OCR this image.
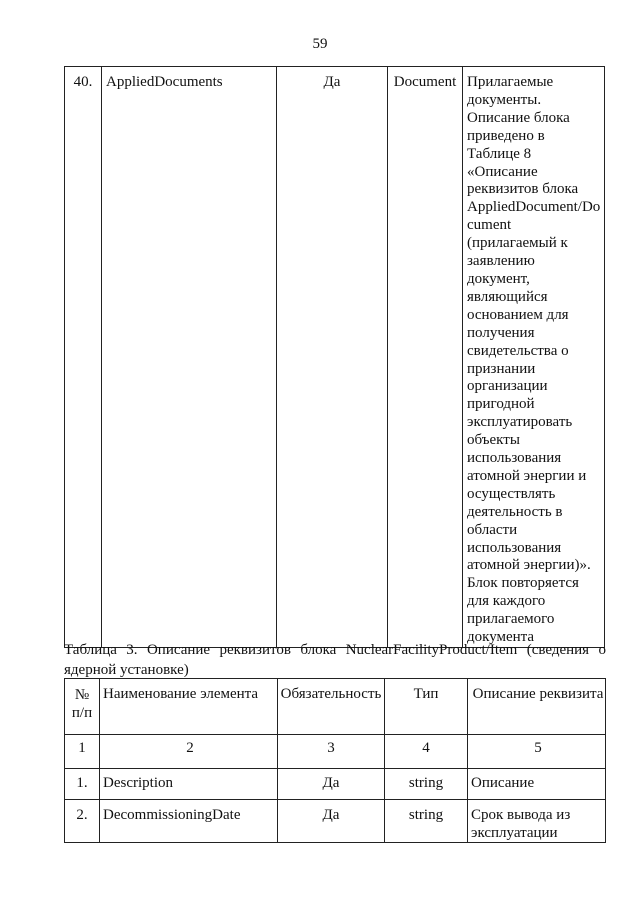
59
40.	AppliedDocuments	Да	Document	Прилагаемые
документы.
Описание блока
приведено в
Таблице 8
«Описание
реквизитов блока
AppliedDocument/Do
cument
(прилагаемый к
заявлению
документ,
являющийся
основанием для
получения
свидетельства о
признании
организации
пригодной
эксплуатировать
объекты
использования
атомной энергии и
осуществлять
деятельность в
области
использования
атомной энергии)».
Блок повторяется
для каждого
прилагаемого
документа
Таблица 3. Описание реквизитов блока NuclearFacilityProduct/Item (сведения о ядерной установке)
№
п/п	Наименование элемента	Обязательность	Тип	Описание реквизита
1	2	3	4	5
1.	Description	Да	string	Описание
2.	DecommissioningDate	Да	string	Срок вывода из эксплуатации
